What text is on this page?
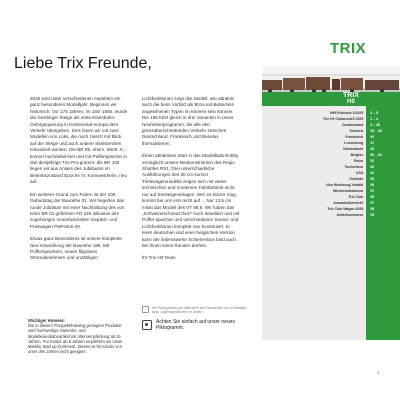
Liebe Trix Freunde,

2025 wird unter verschiedenen Aspekten ein ganz besonderes Modelljahr. Beginnen wir historisch: Vor 175 Jahren, im Jahr 1850, wurde die Geislinger Steige als erste Eisenbahn-Gebirgsquerung in Kontinental-europa dem Verkehr übergeben. Dies feiern wir mit zwei Modellen von Loks, die noch zuletzt mit Blick auf die Steige und auch andere Steilstrecken entwickelt wurden. Die BR 95, ehem. Württ. K, kommt hochdetail-liert und mit Pufferspeicher in das diesjährige Trix-Pro-gramm; die BR 193 liegen wir aus Anlass des Jubiläums im Betriebszustand Epoche IV, Kornwestheim, neu auf.

Ein weiterer Grund zum Feiern ist der 100. Geburtstag der Baureihe 01. Wir begehen das runde Jubiläum mit einer Nachbildung des von einer BR 01 geführten FD 226 inklusive des zugehörigen neuentwickelten Gepäck- und Postwagen PwPost4i-28.

Etwas ganz Besonderes ist unsere komplette Neu-entwicklung der Baureihe 186. Mit Pufferspeichern, neuen filigranen Stromabnehmern und unzähligen

Lichtfunktionen zeigt das Modell, wie attraktiv auch die beim Vorbild als Brot-und-Butterloks angesehenen Typen im Kleinen sein können. Die 186 führt gleich in drei Varianten in unser Neuheitenprogramm, die alle den grenzüberschreitenden Verkehr zwischen Deutschland, Frankreich und Benelux thematisieren.

Einen attraktiven Start in das Modellbahnhobby ermöglicht unsere Neukonstruktion des Regio Shuttles RS1. Drei unterschiedliche Ausführungen des 30 cm kurzen Triebwagenmodells zeigen sich mit vielen technischen und modernen Fahrtbetrieb nicht nur auf Einsteigeranlagen. Wer es kürzer mag, kommt bei uns erst recht auf ... Nur 13,5 cm misst das Modell des VT 98.9. Wir haben das „Schweineschnäuzchen" hoch detailliert und mit Puffer-speicher und verschiedenen Sound- und Lichtfunktionen komplett neu konstruiert. In einer deutschen und einer belgischen Version kann der liebenswerte Schienenbus bald auch bei Ihnen seine Runden drehen.

Ihr Trix H0 Team

Wichtiger Hinweis!
Die in diesem Prospekt/Katalog gezeigten Produkte sind hochwertige Sammler- und Modelleisenbahnartikel mit Altersempfehlung ab 15 Jahren. Für Kinder ab 8 Jahren empfehlen wir unser Märklin Start up Sortiment. Dieses ist für Kinder von unter drei Jahren nicht geeignet.
Mit Piktogramm zur Übersicht der Neuheiten von Einsteiger- bzw. Jugendprodukten in Zeilen
Achten Sie einfach auf unser neues Piktogramm.
TRIX
TRIX
H0
MHI Exklusiv 1/2025	2 – 5
Trix H0 Clubmodell 2025	2 – 3
Deutschland	6 – 35
Schweiz	36 – 39
Frankreich	40
Luxemburg	47
Niederlande	49
Belgien	50 – 51
Polen	52
Tschechien	53
USA	54
Zubehör	55
Neu Werkzeug-Vorbild	56
Wiederaufnahmen	57
Trix Club	58
Auswahlübersicht	57
Trix Club Wagen 2025	58
Artikelnummern	59
1
